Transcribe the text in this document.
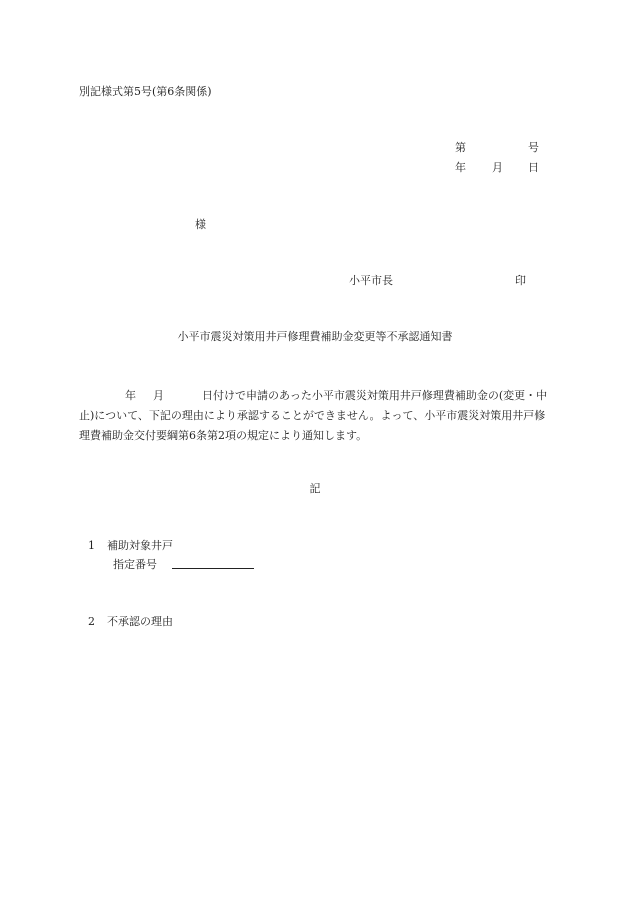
別記様式第5号(第6条関係)
第	号
年 月 日
様
小平市長	印
小平市震災対策用井戸修理費補助金変更等不承認通知書
年 月	日付けで申請のあった小平市震災対策用井戸修理費補助金の(変更・中止)について、下記の理由により承認することができません。よって、小平市震災対策用井戸修理費補助金交付要綱第6条第2項の規定により通知します。
記
1 補助対象井戸
指定番号
2 不承認の理由
